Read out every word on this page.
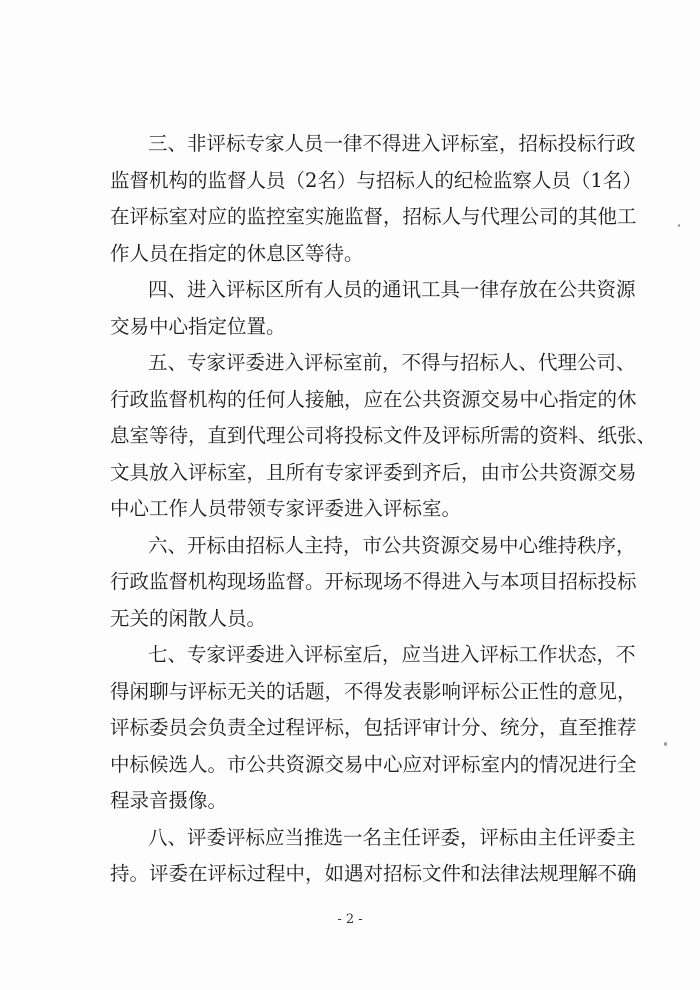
三、非评标专家人员一律不得进入评标室，招标投标行政
监督机构的监督人员（2名）与招标人的纪检监察人员（1名）
在评标室对应的监控室实施监督，招标人与代理公司的其他工
作人员在指定的休息区等待。

四、进入评标区所有人员的通讯工具一律存放在公共资源
交易中心指定位置。

五、专家评委进入评标室前，不得与招标人、代理公司、
行政监督机构的任何人接触，应在公共资源交易中心指定的休
息室等待，直到代理公司将投标文件及评标所需的资料、纸张、
文具放入评标室，且所有专家评委到齐后，由市公共资源交易
中心工作人员带领专家评委进入评标室。

六、开标由招标人主持，市公共资源交易中心维持秩序，
行政监督机构现场监督。开标现场不得进入与本项目招标投标
无关的闲散人员。

七、专家评委进入评标室后，应当进入评标工作状态，不
得闲聊与评标无关的话题，不得发表影响评标公正性的意见，
评标委员会负责全过程评标，包括评审计分、统分，直至推荐
中标候选人。市公共资源交易中心应对评标室内的情况进行全
程录音摄像。

八、评委评标应当推选一名主任评委，评标由主任评委主
持。评委在评标过程中，如遇对招标文件和法律法规理解不确

- 2 -
